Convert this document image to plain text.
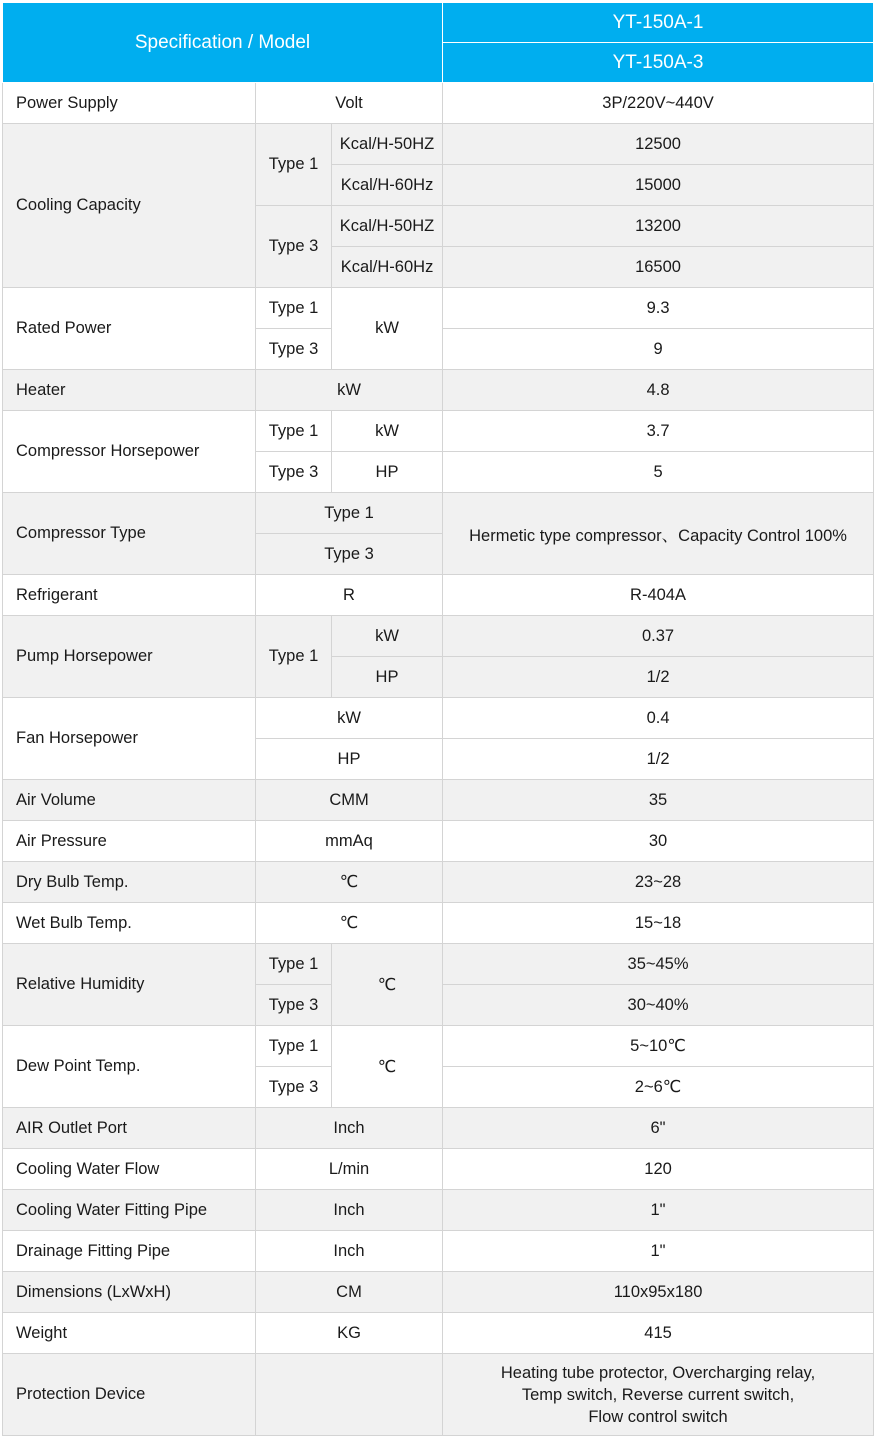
Specification / Model			YT-150A-1
			YT-150A-3
Power Supply	Volt		3P/220V~440V
Cooling Capacity	Type 1	Kcal/H-50HZ	12500
		Kcal/H-60Hz	15000
	Type 3	Kcal/H-50HZ	13200
		Kcal/H-60Hz	16500
Rated Power	Type 1	kW	9.3
	Type 3		9
Heater	kW		4.8
Compressor Horsepower	Type 1	kW	3.7
	Type 3	HP	5
Compressor Type	Type 1		Hermetic type compressor、Capacity Control 100%
	Type 3		
Refrigerant	R		R-404A
Pump Horsepower	Type 1	kW	0.37
		HP	1/2
Fan Horsepower	kW		0.4
	HP		1/2
Air Volume	CMM		35
Air Pressure	mmAq		30
Dry Bulb Temp.	℃		23~28
Wet Bulb Temp.	℃		15~18
Relative Humidity	Type 1	℃	35~45%
	Type 3		30~40%
Dew Point Temp.	Type 1	℃	5~10℃
	Type 3		2~6℃
AIR Outlet Port	Inch		6"
Cooling Water Flow	L/min		120
Cooling Water Fitting Pipe	Inch		1"
Drainage Fitting Pipe	Inch		1"
Dimensions (LxWxH)	CM		110x95x180
Weight	KG		415
Protection Device			Heating tube protector, Overcharging relay,
Temp switch, Reverse current switch,
Flow control switch
